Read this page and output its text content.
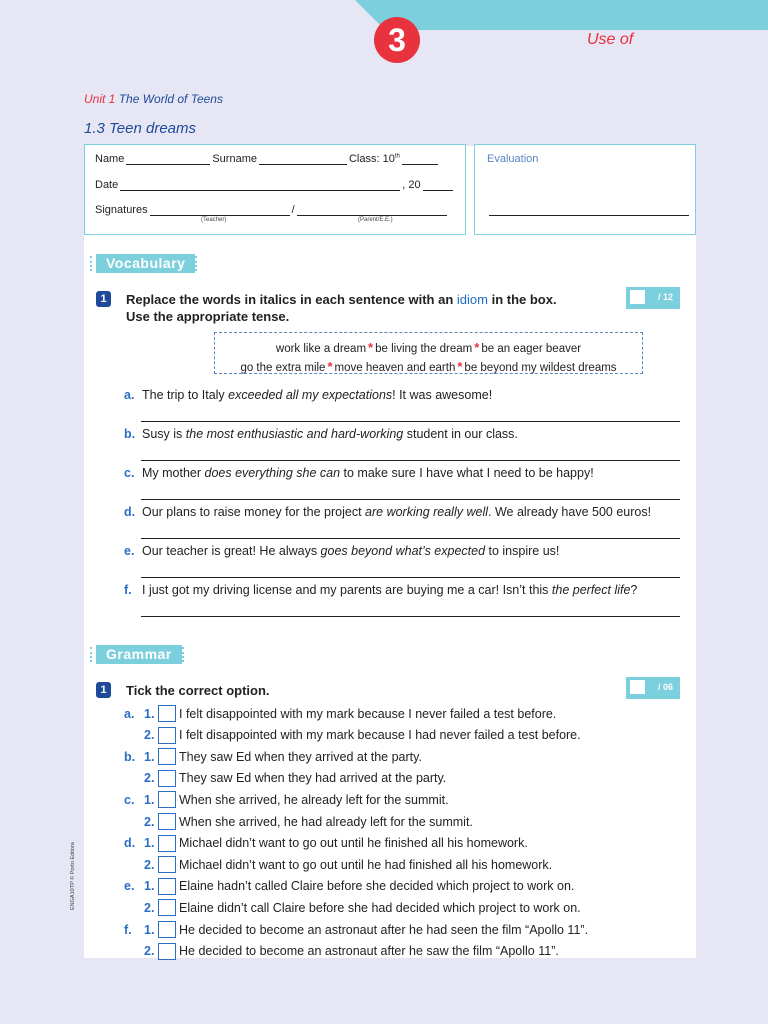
3	Use of
Unit 1 The World of Teens
1.3 Teen dreams
Name	Surname	Class: 10th
Date	, 20
Signatures	/
(Teacher)	(Parent/E.E.)
Evaluation
Vocabulary
1	Replace the words in italics in each sentence with an idiom in the box.
Use the appropriate tense.
/ 12
work like a dream * be living the dream * be an eager beaver
go the extra mile * move heaven and earth * be beyond my wildest dreams
a. The trip to Italy exceeded all my expectations! It was awesome!
b. Susy is the most enthusiastic and hard-working student in our class.
c. My mother does everything she can to make sure I have what I need to be happy!
d. Our plans to raise money for the project are working really well. We already have 500 euros!
e. Our teacher is great! He always goes beyond what’s expected to inspire us!
f. I just got my driving license and my parents are buying me a car! Isn’t this the perfect life?
Grammar
1	Tick the correct option.	/ 06
a. 1. I felt disappointed with my mark because I never failed a test before.
2. I felt disappointed with my mark because I had never failed a test before.
b. 1. They saw Ed when they arrived at the party.
2. They saw Ed when they had arrived at the party.
c. 1. When she arrived, he already left for the summit.
2. When she arrived, he had already left for the summit.
d. 1. Michael didn’t want to go out until he finished all his homework.
2. Michael didn’t want to go out until he had finished all his homework.
e. 1. Elaine hadn’t called Claire before she decided which project to work on.
2. Elaine didn’t call Claire before she had decided which project to work on.
f. 1. He decided to become an astronaut after he had seen the film “Apollo 11”.
2. He decided to become an astronaut after he saw the film “Apollo 11”.
ENGA10TP © Porto Editora
